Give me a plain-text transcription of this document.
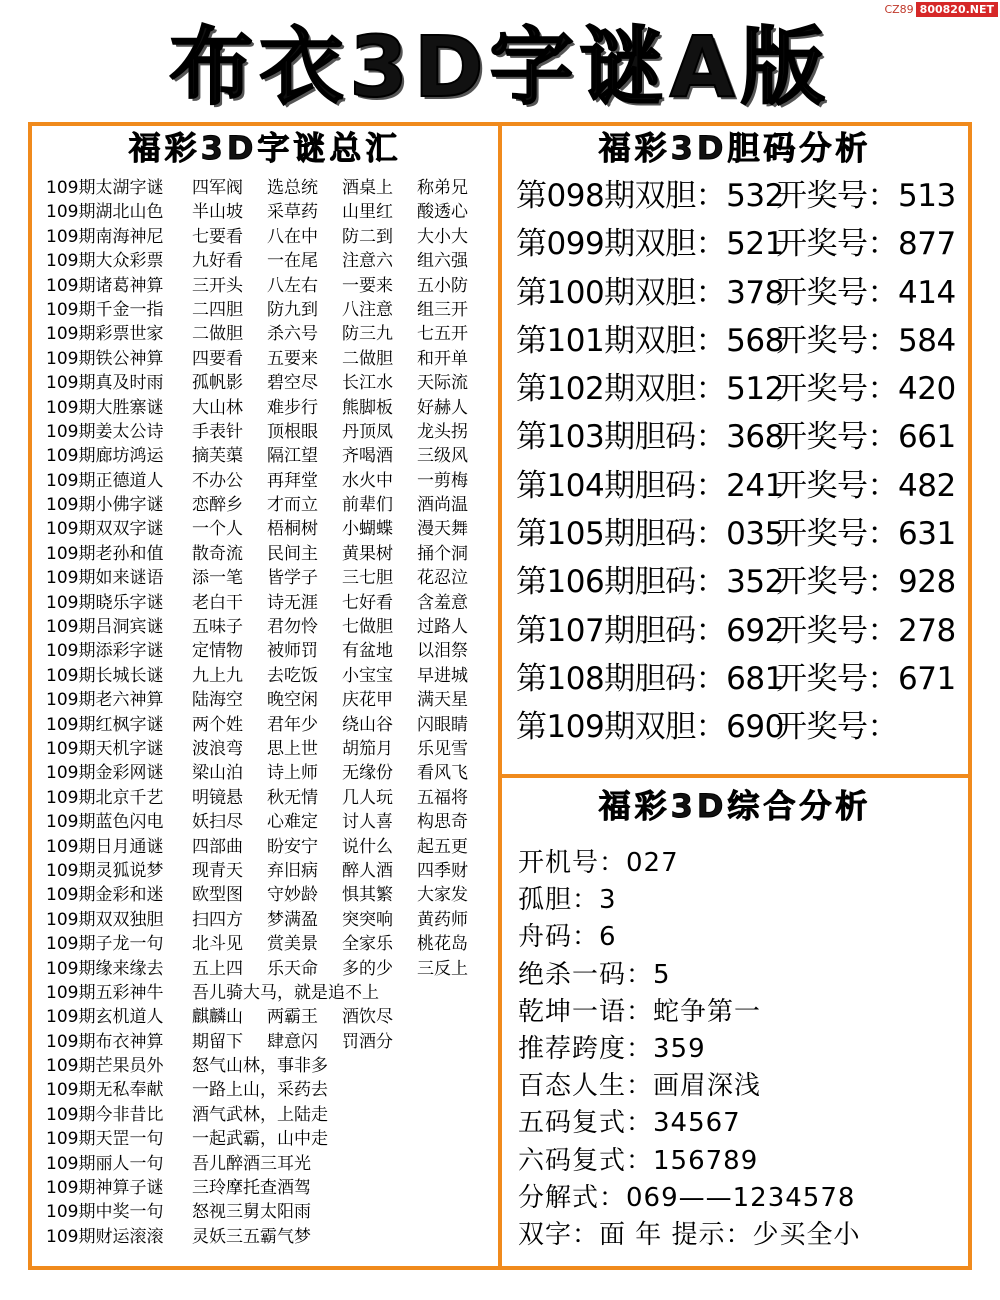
CZ89 800820.NET
布衣3D字谜A版
福彩3D字谜总汇	福彩3D胆码分析
福彩3D综合分析
109期太湖字谜	四军阀	选总统	酒桌上	称弟兄
109期湖北山色	半山坡	采草药	山里红	酸透心
109期南海神尼	七要看	八在中	防二到	大小大
109期大众彩票	九好看	一在尾	注意六	组六强
109期诸葛神算	三开头	八左右	一要来	五小防
109期千金一指	二四胆	防九到	八注意	组三开
109期彩票世家	二做胆	杀六号	防三九	七五开
109期铁公神算	四要看	五要来	二做胆	和开单
109期真及时雨	孤帆影	碧空尽	长江水	天际流
109期大胜寨谜	大山林	难步行	熊脚板	好赫人
109期姜太公诗	手表针	顶根眼	丹顶凤	龙头拐
109期廊坊鸿运	摘芙蕖	隔江望	齐喝酒	三级风
109期正德道人	不办公	再拜堂	水火中	一剪梅
109期小佛字谜	恋醉乡	才而立	前辈们	酒尚温
109期双双字谜	一个人	梧桐树	小蝴蝶	漫天舞
109期老孙和值	散奇流	民间主	黄果树	捅个洞
109期如来谜语	添一笔	皆学子	三七胆	花忍泣
109期晓乐字谜	老白干	诗无涯	七好看	含羞意
109期吕洞宾谜	五味子	君勿怜	七做胆	过路人
109期添彩字谜	定情物	被师罚	有盆地	以泪祭
109期长城长谜	九上九	去吃饭	小宝宝	早进城
109期老六神算	陆海空	晚空闲	庆花甲	满天星
109期红枫字谜	两个姓	君年少	绕山谷	闪眼睛
109期天机字谜	波浪弯	思上世	胡笳月	乐见雪
109期金彩网谜	梁山泊	诗上师	无缘份	看风飞
109期北京千艺	明镜悬	秋无情	几人玩	五福将
109期蓝色闪电	妖扫尽	心难定	讨人喜	构思奇
109期日月通谜	四部曲	盼安宁	说什么	起五更
109期灵狐说梦	现青天	弃旧病	醉人酒	四季财
109期金彩和迷	欧型图	守妙龄	惧其繁	大家发
109期双双独胆	扫四方	梦满盈	突突响	黄药师
109期子龙一句	北斗见	赏美景	全家乐	桃花岛
109期缘来缘去	五上四	乐天命	多的少	三反上
109期五彩神牛	吾儿骑大马，就是追不上
109期玄机道人	麒麟山	两霸王	酒饮尽
109期布衣神算	期留下	肆意闪	罚酒分
109期芒果员外	怒气山林，事非多
109期无私奉献	一路上山，采药去
109期今非昔比	酒气武林，上陆走
109期天罡一句	一起武霸，山中走
109期丽人一句	吾儿醉酒三耳光
109期神算子谜	三玲摩托查酒驾
109期中奖一句	怒视三舅太阳雨
109期财运滚滚	灵妖三五霸气梦
第098期双胆：532
开奖号：513
第099期双胆：521
开奖号：877
第100期双胆：378
开奖号：414
第101期双胆：568
开奖号：584
第102期双胆：512
开奖号：420
第103期胆码：368
开奖号：661
第104期胆码：241
开奖号：482
第105期胆码：035
开奖号：631
第106期胆码：352
开奖号：928
第107期胆码：692
开奖号：278
第108期胆码：681
开奖号：671
第109期双胆：690
开奖号：
开机号：027
孤胆：3
舟码：6
绝杀一码：5
乾坤一语：蛇争第一
推荐跨度：359
百态人生：画眉深浅
五码复式：34567
六码复式：156789
分解式：069——1234578
双字：面 年 提示：少买全小
